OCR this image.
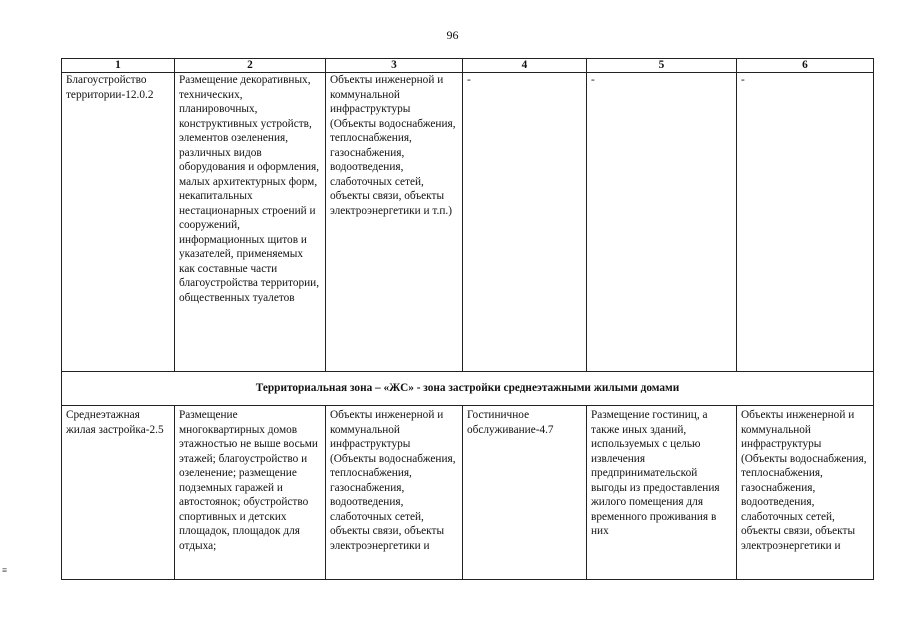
96
≡
1	2	3	4	5	6
Благоустройство территории-12.0.2	Размещение декоративных, технических, планировочных, конструктивных устройств, элементов озеленения, различных видов оборудования и оформления, малых архитектурных форм, некапитальных нестационарных строений и сооружений, информационных щитов и указателей, применяемых как составные части благоустройства территории, общественных туалетов	Объекты инженерной и коммунальной инфраструктуры (Объекты водоснабжения, теплоснабжения, газоснабжения, водоотведения, слаботочных сетей, объекты связи, объекты электроэнергетики и т.п.)	-	-	-
Территориальная зона – «ЖС» - зона застройки среднеэтажными жилыми домами					
Среднеэтажная жилая застройка-2.5	Размещение многоквартирных домов этажностью не выше восьми этажей; благоустройство и озеленение; размещение подземных гаражей и автостоянок; обустройство спортивных и детских площадок, площадок для отдыха;	Объекты инженерной и коммунальной инфраструктуры (Объекты водоснабжения, теплоснабжения, газоснабжения, водоотведения, слаботочных сетей, объекты связи, объекты электроэнергетики и	Гостиничное обслуживание-4.7	Размещение гостиниц, а также иных зданий, используемых с целью извлечения предпринимательской выгоды из предоставления жилого помещения для временного проживания в них	Объекты инженерной и коммунальной инфраструктуры (Объекты водоснабжения, теплоснабжения, газоснабжения, водоотведения, слаботочных сетей, объекты связи, объекты электроэнергетики и
